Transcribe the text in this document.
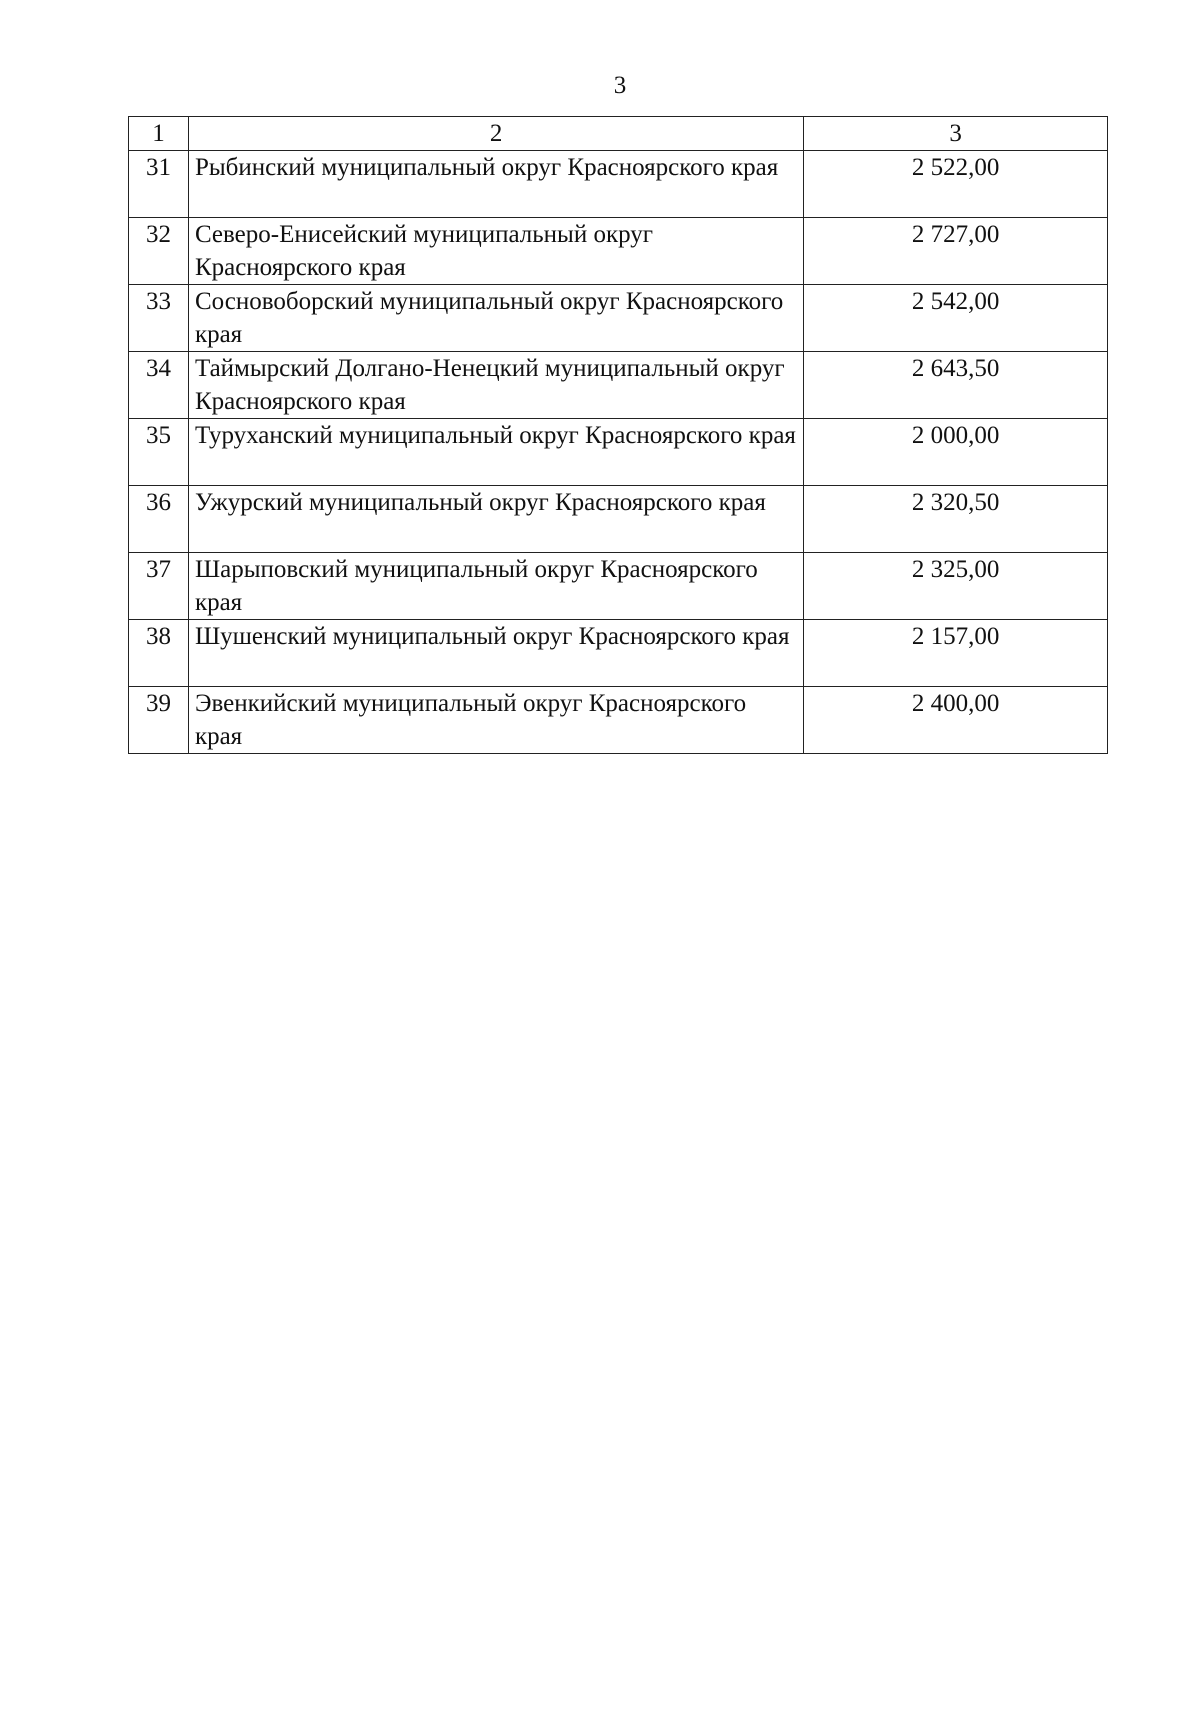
3
1	2	3
31	Рыбинский муниципальный округ Красноярского края	2 522,00
32	Северо-Енисейский муниципальный округ Красноярского края	2 727,00
33	Сосновоборский муниципальный округ Красноярского края	2 542,00
34	Таймырский Долгано-Ненецкий муниципальный округ Красноярского края	2 643,50
35	Туруханский муниципальный округ Красноярского края	2 000,00
36	Ужурский муниципальный округ Красноярского края	2 320,50
37	Шарыповский муниципальный округ Красноярского края	2 325,00
38	Шушенский муниципальный округ Красноярского края	2 157,00
39	Эвенкийский муниципальный округ Красноярского края	2 400,00
